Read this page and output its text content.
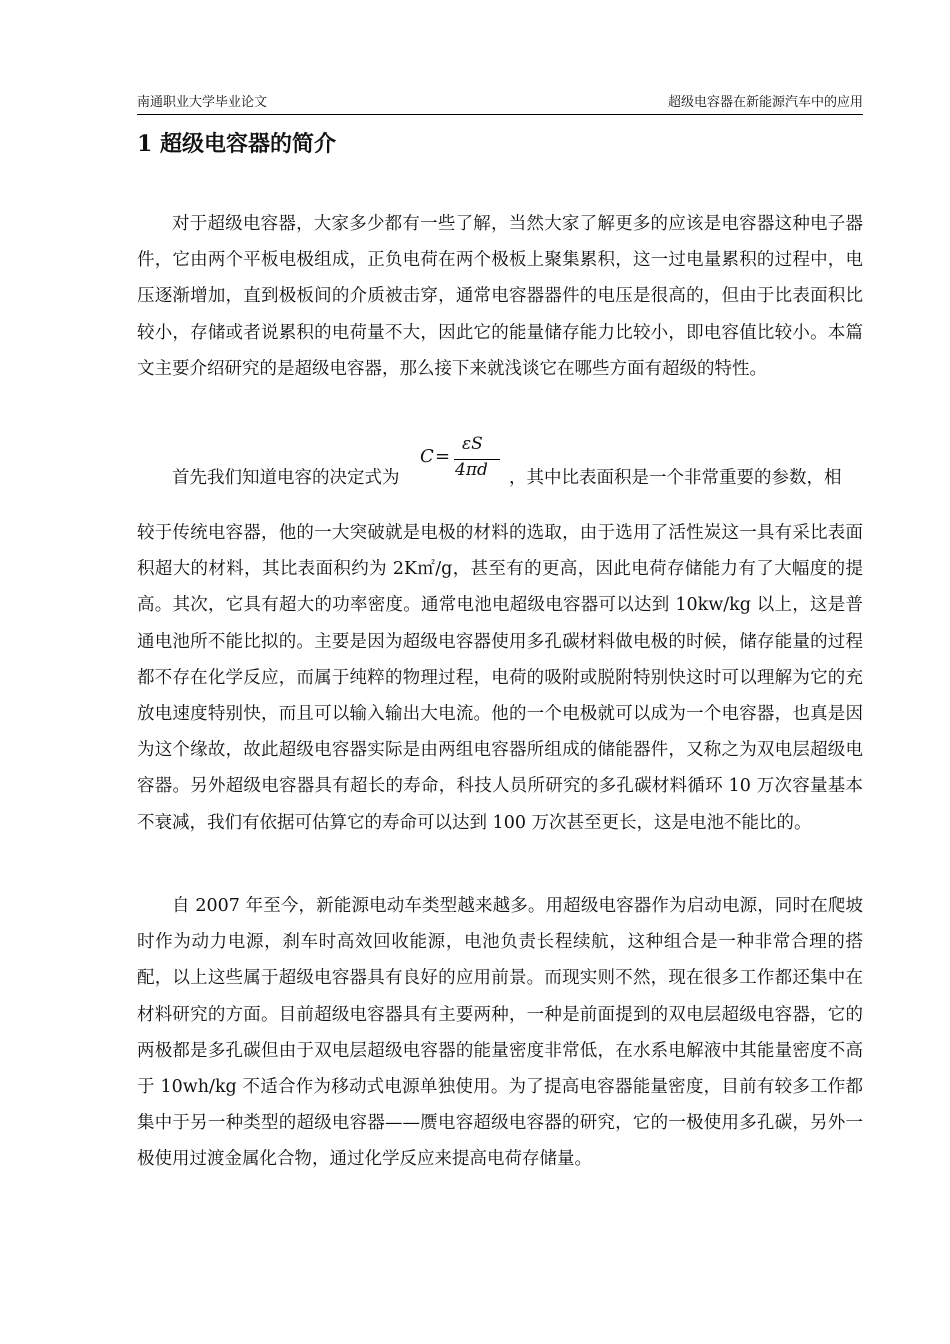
南通职业大学毕业论文	超级电容器在新能源汽车中的应用
1 超级电容器的简介

对于超级电容器，大家多少都有一些了解，当然大家了解更多的应该是电容器这种电子器件，它由两个平板电极组成，正负电荷在两个极板上聚集累积，这一过电量累积的过程中，电压逐渐增加，直到极板间的介质被击穿，通常电容器器件的电压是很高的，但由于比表面积比较小，存储或者说累积的电荷量不大，因此它的能量储存能力比较小，即电容值比较小。本篇文主要介绍研究的是超级电容器，那么接下来就浅谈它在哪些方面有超级的特性。

首先我们知道电容的决定式为
C =
εS
4πd ，其中比表面积是一个非常重要的参数，相

较于传统电容器，他的一大突破就是电极的材料的选取，由于选用了活性炭这一具有采比表面积超大的材料，其比表面积约为 2K㎡/g，甚至有的更高，因此电荷存储能力有了大幅度的提高。其次，它具有超大的功率密度。通常电池电超级电容器可以达到 10kw/kg 以上，这是普通电池所不能比拟的。主要是因为超级电容器使用多孔碳材料做电极的时候，储存能量的过程都不存在化学反应，而属于纯粹的物理过程，电荷的吸附或脱附特别快这时可以理解为它的充放电速度特别快，而且可以输入输出大电流。他的一个电极就可以成为一个电容器，也真是因为这个缘故，故此超级电容器实际是由两组电容器所组成的储能器件，又称之为双电层超级电容器。另外超级电容器具有超长的寿命，科技人员所研究的多孔碳材料循环 10 万次容量基本不衰减，我们有依据可估算它的寿命可以达到 100 万次甚至更长，这是电池不能比的。

自 2007 年至今，新能源电动车类型越来越多。用超级电容器作为启动电源，同时在爬坡时作为动力电源，刹车时高效回收能源，电池负责长程续航，这种组合是一种非常合理的搭配，以上这些属于超级电容器具有良好的应用前景。而现实则不然，现在很多工作都还集中在材料研究的方面。目前超级电容器具有主要两种，一种是前面提到的双电层超级电容器，它的两极都是多孔碳但由于双电层超级电容器的能量密度非常低，在水系电解液中其能量密度不高于 10wh/kg 不适合作为移动式电源单独使用。为了提高电容器能量密度，目前有较多工作都集中于另一种类型的超级电容器——赝电容超级电容器的研究，它的一极使用多孔碳，另外一极使用过渡金属化合物，通过化学反应来提高电荷存储量。
